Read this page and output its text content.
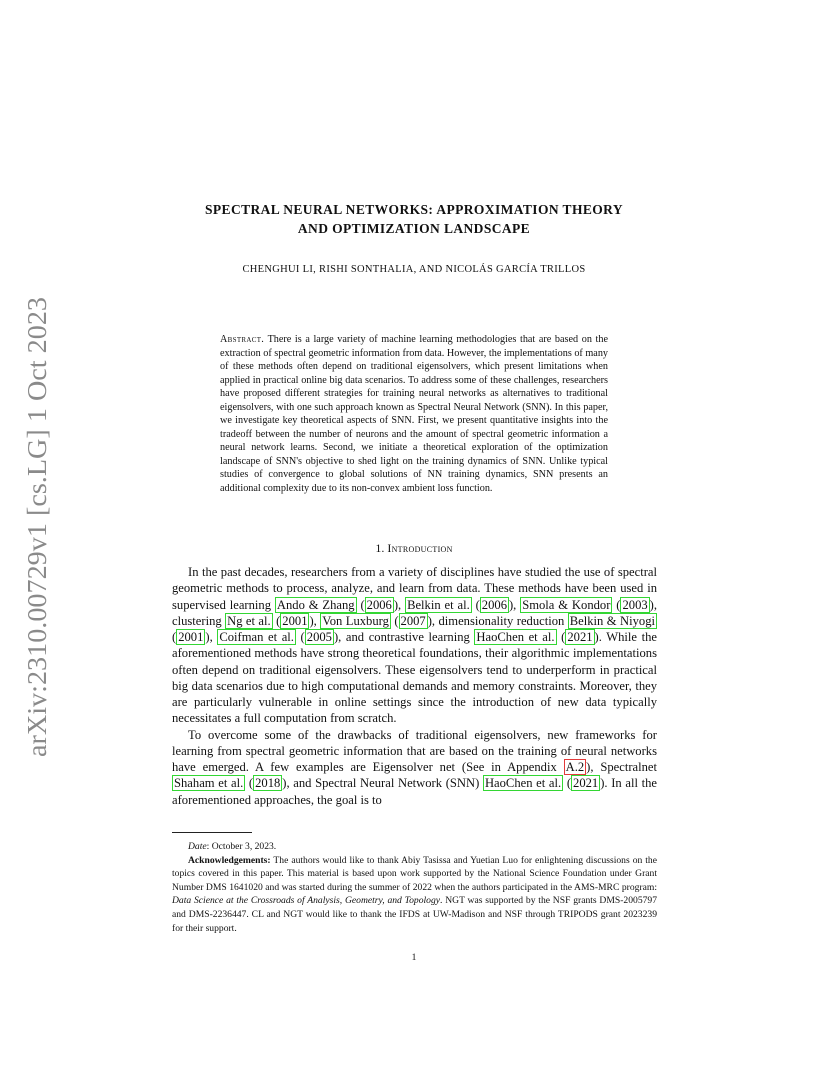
arXiv:2310.00729v1 [cs.LG] 1 Oct 2023
SPECTRAL NEURAL NETWORKS: APPROXIMATION THEORY
AND OPTIMIZATION LANDSCAPE
CHENGHUI LI, RISHI SONTHALIA, AND NICOLÁS GARCÍA TRILLOS
Abstract. There is a large variety of machine learning methodologies that are based on the extraction of spectral geometric information from data. However, the implementations of many of these methods often depend on traditional eigensolvers, which present limitations when applied in practical online big data scenarios. To address some of these challenges, researchers have proposed different strategies for training neural networks as alternatives to traditional eigensolvers, with one such approach known as Spectral Neural Network (SNN). In this paper, we investigate key theoretical aspects of SNN. First, we present quantitative insights into the tradeoff between the number of neurons and the amount of spectral geometric information a neural network learns. Second, we initiate a theoretical exploration of the optimization landscape of SNN's objective to shed light on the training dynamics of SNN. Unlike typical studies of convergence to global solutions of NN training dynamics, SNN presents an additional complexity due to its non-convex ambient loss function.
1. Introduction

In the past decades, researchers from a variety of disciplines have studied the use of spectral geometric methods to process, analyze, and learn from data. These methods have been used in supervised learning Ando & Zhang ( 2006 ), Belkin et al. ( 2006 ), Smola & Kondor ( 2003 ), clustering Ng et al. ( 2001 ), Von Luxburg ( 2007 ), dimensionality reduction Belkin & Niyogi ( 2001 ), Coifman et al. ( 2005 ), and contrastive learning HaoChen et al. ( 2021 ). While the aforementioned methods have strong theoretical foundations, their algorithmic implementations often depend on traditional eigensolvers. These eigensolvers tend to underperform in practical big data scenarios due to high computational demands and memory constraints. Moreover, they are particularly vulnerable in online settings since the introduction of new data typically necessitates a full computation from scratch.

To overcome some of the drawbacks of traditional eigensolvers, new frameworks for learning from spectral geometric information that are based on the training of neural networks have emerged. A few examples are Eigensolver net (See in Appendix A.2 ), Spectralnet Shaham et al. ( 2018 ), and Spectral Neural Network (SNN) HaoChen et al. ( 2021 ). In all the aforementioned approaches, the goal is to

Date: October 3, 2023.

Acknowledgements: The authors would like to thank Abiy Tasissa and Yuetian Luo for enlightening discussions on the topics covered in this paper. This material is based upon work supported by the National Science Foundation under Grant Number DMS 1641020 and was started during the summer of 2022 when the authors participated in the AMS-MRC program: Data Science at the Crossroads of Analysis, Geometry, and Topology. NGT was supported by the NSF grants DMS-2005797 and DMS-2236447. CL and NGT would like to thank the IFDS at UW-Madison and NSF through TRIPODS grant 2023239 for their support.

1
